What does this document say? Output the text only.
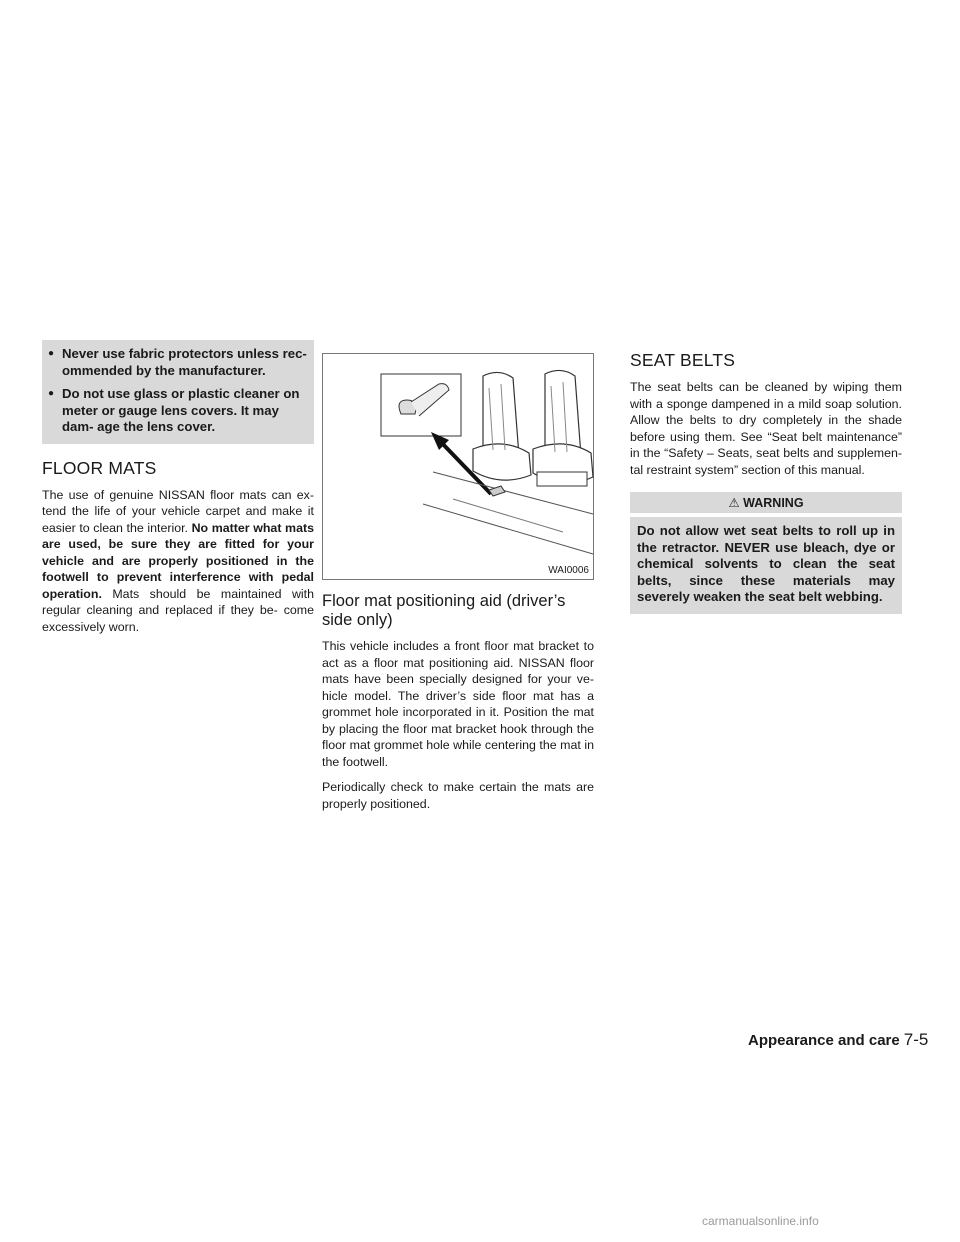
● Never use fabric protectors unless rec- ommended by the manufacturer.
● Do not use glass or plastic cleaner on meter or gauge lens covers. It may dam- age the lens cover.
FLOOR MATS

The use of genuine NISSAN floor mats can ex- tend the life of your vehicle carpet and make it easier to clean the interior. No matter what mats are used, be sure they are fitted for your vehicle and are properly positioned in the footwell to prevent interference with pedal operation. Mats should be maintained with regular cleaning and replaced if they be- come excessively worn.

WAI0006
Floor mat positioning aid (driver’s side only)

This vehicle includes a front floor mat bracket to act as a floor mat positioning aid. NISSAN floor mats have been specially designed for your ve- hicle model. The driver’s side floor mat has a grommet hole incorporated in it. Position the mat by placing the floor mat bracket hook through the floor mat grommet hole while centering the mat in the footwell.

Periodically check to make certain the mats are properly positioned.

SEAT BELTS

The seat belts can be cleaned by wiping them with a sponge dampened in a mild soap solution. Allow the belts to dry completely in the shade before using them. See “Seat belt maintenance” in the “Safety – Seats, seat belts and supplemen- tal restraint system” section of this manual.

⚠ WARNING
Do not allow wet seat belts to roll up in the retractor. NEVER use bleach, dye or chemical solvents to clean the seat belts, since these materials may severely weaken the seat belt webbing.
Appearance and care 7-5
carmanualsonline.info
